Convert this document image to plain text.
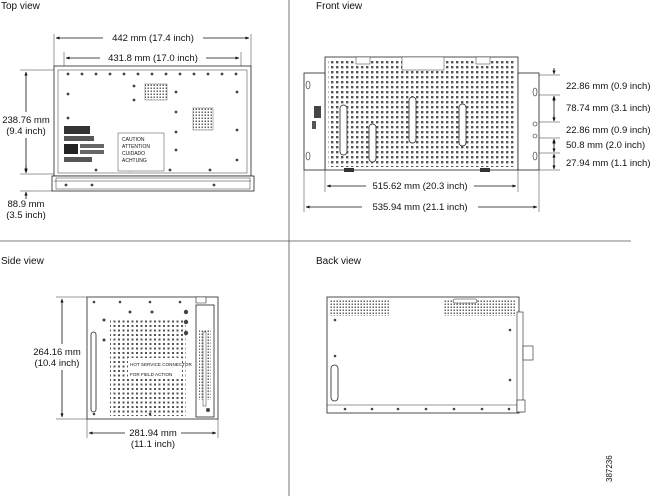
Top view	Front view
Side view	Back view
442 mm (17.4 inch)
431.8 mm (17.0 inch)
CAUTION
ATTENTION
CUIDADO
ACHTUNG
238.76 mm
(9.4 inch)
88.9 mm
(3.5 inch)
22.86 mm (0.9 inch)
78.74 mm (3.1 inch)
22.86 mm (0.9 inch)
50.8 mm (2.0 inch)
27.94 mm (1.1 inch)
515.62 mm (20.3 inch)
535.94 mm (21.1 inch)
HOT SERVICE CONNECTOR
FOR FIELD ACTION
264.16 mm
(10.4 inch)
281.94 mm
(11.1 inch)
387236
